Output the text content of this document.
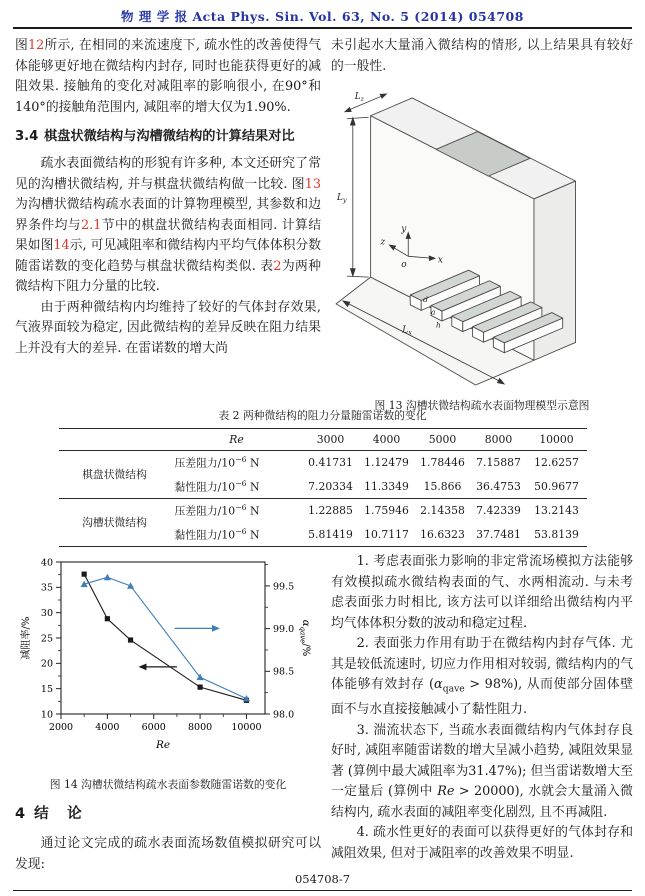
物 理 学 报 Acta Phys. Sin. Vol. 63, No. 5 (2014) 054708

图12所示, 在相同的来流速度下, 疏水性的改善使得气体能够更好地在微结构内封存, 同时也能获得更好的减阻效果. 接触角的变化对减阻率的影响很小, 在90°和140°的接触角范围内, 减阻率的增大仅为1.90%.

3.4 棋盘状微结构与沟槽微结构的计算结果对比

疏水表面微结构的形貌有许多种, 本文还研究了常见的沟槽状微结构, 并与棋盘状微结构做一比较. 图13为沟槽状微结构疏水表面的计算物理模型, 其参数和边界条件均与2.1节中的棋盘状微结构表面相同. 计算结果如图14示, 可见减阻率和微结构内平均气体体积分数随雷诺数的变化趋势与棋盘状微结构类似. 表2为两种微结构下阻力分量的比较.

由于两种微结构内均维持了较好的气体封存效果, 气液界面较为稳定, 因此微结构的差异反映在阻力结果上并没有大的差异. 在雷诺数的增大尚

未引起水大量涌入微结构的情形, 以上结果具有较好的一般性.

$L_y$
$L_z$
$L_x$
y
x
z
o
d
a
h
图 13 沟槽状微结构疏水表面物理模型示意图
表 2 两种微结构的阻力分量随雷诺数的变化
	Re	3000	4000	5000	8000	10000
棋盘状微结构	压差阻力$/10^{-6}$ N	0.41731	1.12479	1.78446	7.15887	12.6257
	黏性阻力$/10^{-6}$ N	7.20334	11.3349	15.866	36.4753	50.9677
沟槽状微结构	压差阻力$/10^{-6}$ N	1.22885	1.75946	2.14358	7.42339	13.2143
	黏性阻力$/10^{-6}$ N	5.81419	10.7117	16.6323	37.7481	53.8139
10
15
20
25
30
35
40
98.0
98.5
99.0
99.5
2000 4000 6000 8000 10000
减阻率/%	$\alpha_{qave}/\%$
Re
图 14 沟槽状微结构疏水表面参数随雷诺数的变化
4 结　论

通过论文完成的疏水表面流场数值模拟研究可以发现:

1. 考虑表面张力影响的非定常流场模拟方法能够有效模拟疏水微结构表面的气、水两相流动. 与未考虑表面张力时相比, 该方法可以详细给出微结构内平均气体体积分数的波动和稳定过程.

2. 表面张力作用有助于在微结构内封存气体. 尤其是较低流速时, 切应力作用相对较弱, 微结构内的气体能够有效封存 $(\alpha_{qave} > 98\%)$, 从而使部分固体壁面不与水直接接触减小了黏性阻力.

3. 湍流状态下, 当疏水表面微结构内气体封存良好时, 减阻率随雷诺数的增大呈减小趋势, 减阻效果显著 (算例中最大减阻率为31.47%); 但当雷诺数增大至一定量后 (算例中 Re > 20000), 水就会大量涌入微结构内, 疏水表面的减阻率变化剧烈, 且不再减阻.

4. 疏水性更好的表面可以获得更好的气体封存和减阻效果, 但对于减阻率的改善效果不明显.

054708-7
